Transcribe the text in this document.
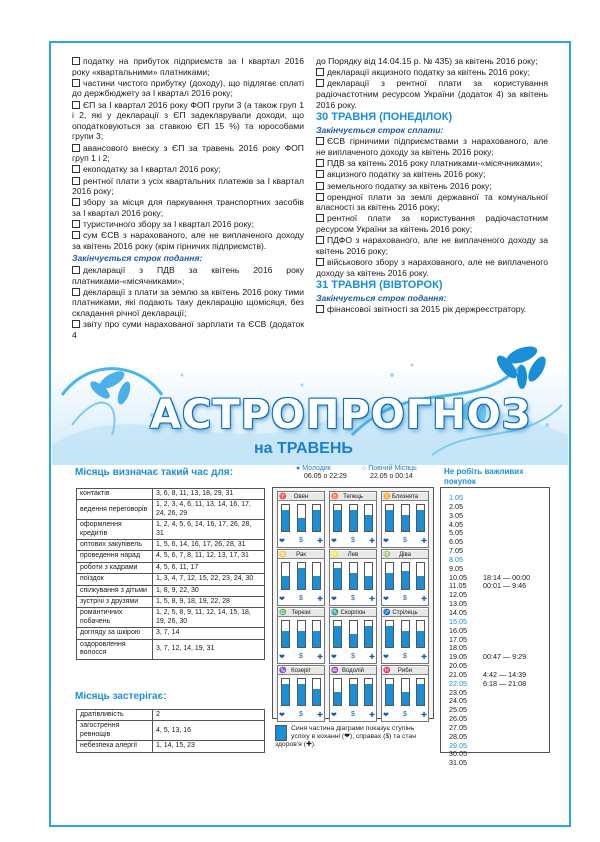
податку на прибуток підприємств за І квартал 2016 року «квартальними» платниками;
частини чистого прибутку (доходу), що підлягає сплаті до держбюджету за І квартал 2016 року;
ЄП за І квартал 2016 року ФОП групи 3 (а також груп 1 і 2, які у декларації з ЄП задекларували доходи, що оподатковуються за ставкою ЄП 15 %) та юрособами групи 3;
авансового внеску з ЄП за травень 2016 року ФОП груп 1 і 2;
екоподатку за І квартал 2016 року;
рентної плати з усіх квартальних платежів за І квартал 2016 року;
збору за місця для паркування транспортних засобів за І квартал 2016 року;
туристичного збору за І квартал 2016 року;
сум ЄСВ з нарахованого, але не виплаченого доходу за квітень 2016 року (крім гірничих підприємств).
Закінчується строк подання:
декларації з ПДВ за квітень 2016 року платниками-«місячниками»;
декларації з плати за землю за квітень 2016 року тими платниками, які подають таку декларацію щомісяця, без складання річної декларації;
звіту про суми нарахованої зарплати та ЄСВ (додаток 4
до Порядку від 14.04.15 р. № 435) за квітень 2016 року;
декларації акцизного податку за квітень 2016 року;
декларації з рентної плати за користування радіочастотним ресурсом України (додаток 4) за квітень 2016 року.
30 ТРАВНЯ (ПОНЕДІЛОК)
Закінчується строк сплати:
ЄСВ гірничими підприємствами з нарахованого, але не виплаченого доходу за квітень 2016 року;
ПДВ за квітень 2016 року платниками-«місячниками»;
акцизного податку за квітень 2016 року;
земельного податку за квітень 2016 року;
орендної плати за землі державної та комунальної власності за квітень 2016 року;
рентної плати за користування радіочастотним ресурсом України за квітень 2016 року;
ПДФО з нарахованого, але не виплаченого доходу за квітень 2016 року;
військового збору з нарахованого, але не виплаченого доходу за квітень 2016 року.
31 ТРАВНЯ (ВІВТОРОК)
Закінчується строк подання:
фінансової звітності за 2015 рік держреєстратору.
АСТРОПРОГНОЗ
на ТРАВЕНЬ
Місяць визначає такий час для:
контактів	3, 6, 8, 11, 13, 18, 29, 31
ведення переговорів	1, 2, 3, 4, 6, 11, 13, 14, 16, 17, 24, 26, 29
оформлення кредитів	1, 2, 4, 5, 6, 14, 16, 17, 26, 28, 31
оптових закупівель	1, 5, 6, 14, 16, 17, 26, 28, 31
проведення нарад	4, 5, 6, 7, 8, 11, 12, 13, 17, 31
роботи з кадрами	4, 5, 6, 11, 17
поїздок	1, 3, 4, 7, 12, 15, 22, 23, 24, 30
спілкування з дітьми	1, 8, 9, 22, 30
зустрічі з друзями	1, 5, 8, 9, 18, 19, 22, 28
романтичних побачень	1, 2, 5, 8, 9, 11, 12, 14, 15, 18, 19, 26, 30
догляду за шкірою	3, 7, 14
оздоровлення волосся	3, 7, 12, 14, 19, 31
Місяць застерігає:
дратівливість	2
загострення ревнощів	4, 5, 13, 16
небезпека алергії	1, 14, 15, 23
● Молодик
06.05 о 22:29
○ Повний Місяць
22.05 о 00:14
♈ Овен
❤ $ ✚
♉ Телець
❤ $ ✚
♊ Близнята
❤ $ ✚
♋ Рак
❤ $ ✚
♌ Лев
❤ $ ✚
♍ Діва
❤ $ ✚
♎ Терези
❤ $ ✚
♏ Скорпіон
❤ $ ✚
♐ Стрілець
❤ $ ✚
♑ Козеріг
❤ $ ✚
♒ Водолій
❤ $ ✚
♓ Риби
❤ $ ✚
Синя частина діаграми показує ступінь успіху в коханні (❤), справах ($) та стан здоров'я (✚).
Не робіть важливих покупок
1.05
2.05
3.05
4.05
5.05
6.05
7.05
8.05
9.05
10.05	18:14 — 00:00
11.05	00:01 — 9:46
12.05
13.05
14.05
15.05
16.05
17.05
18.05
19.05	00:47 — 9:29
20.05
21.05	4:42 — 14:39
22.05	6:18 — 21:08
23.05
24.05
25.05
26.05
27.05
28.05
29.05
30.05
31.05
